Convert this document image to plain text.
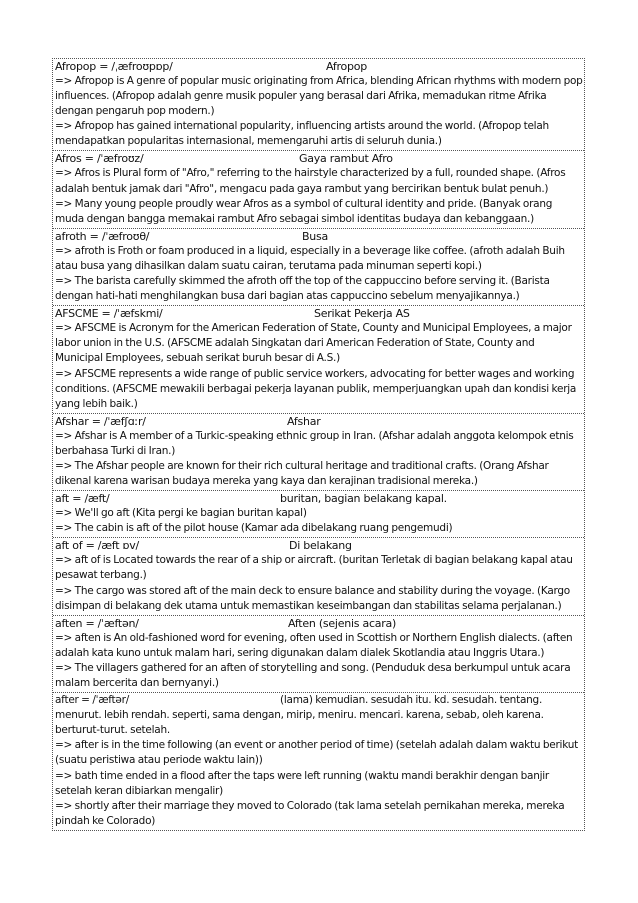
Afropop = /ˌæfroʊpɒp/	Afropop
=> Afropop is A genre of popular music originating from Africa, blending African rhythms with modern pop influences. (Afropop adalah genre musik populer yang berasal dari Afrika, memadukan ritme Afrika dengan pengaruh pop modern.)
=> Afropop has gained international popularity, influencing artists around the world. (Afropop telah mendapatkan popularitas internasional, memengaruhi artis di seluruh dunia.)
Afros = /ˈæfroʊz/	Gaya rambut Afro
=> Afros is Plural form of "Afro," referring to the hairstyle characterized by a full, rounded shape. (Afros adalah bentuk jamak dari "Afro", mengacu pada gaya rambut yang bercirikan bentuk bulat penuh.)
=> Many young people proudly wear Afros as a symbol of cultural identity and pride. (Banyak orang muda dengan bangga memakai rambut Afro sebagai simbol identitas budaya dan kebanggaan.)
afroth = /ˈæfroʊθ/	Busa
=> afroth is Froth or foam produced in a liquid, especially in a beverage like coffee. (afroth adalah Buih atau busa yang dihasilkan dalam suatu cairan, terutama pada minuman seperti kopi.)
=> The barista carefully skimmed the afroth off the top of the cappuccino before serving it. (Barista dengan hati-hati menghilangkan busa dari bagian atas cappuccino sebelum menyajikannya.)
AFSCME = /ˈæfskmi/	Serikat Pekerja AS
=> AFSCME is Acronym for the American Federation of State, County and Municipal Employees, a major labor union in the U.S. (AFSCME adalah Singkatan dari American Federation of State, County and Municipal Employees, sebuah serikat buruh besar di A.S.)
=> AFSCME represents a wide range of public service workers, advocating for better wages and working conditions. (AFSCME mewakili berbagai pekerja layanan publik, memperjuangkan upah dan kondisi kerja yang lebih baik.)
Afshar = /ˈæfʃɑːr/	Afshar
=> Afshar is A member of a Turkic-speaking ethnic group in Iran. (Afshar adalah anggota kelompok etnis berbahasa Turki di Iran.)
=> The Afshar people are known for their rich cultural heritage and traditional crafts. (Orang Afshar dikenal karena warisan budaya mereka yang kaya dan kerajinan tradisional mereka.)
aft = /æft/	buritan, bagian belakang kapal.
=> We'll go aft (Kita pergi ke bagian buritan kapal)
=> The cabin is aft of the pilot house (Kamar ada dibelakang ruang pengemudi)
aft of = /æft ɒv/	Di belakang
=> aft of is Located towards the rear of a ship or aircraft. (buritan Terletak di bagian belakang kapal atau pesawat terbang.)
=> The cargo was stored aft of the main deck to ensure balance and stability during the voyage. (Kargo disimpan di belakang dek utama untuk memastikan keseimbangan dan stabilitas selama perjalanan.)
aften = /ˈæftən/	Aften (sejenis acara)
=> aften is An old-fashioned word for evening, often used in Scottish or Northern English dialects. (aften adalah kata kuno untuk malam hari, sering digunakan dalam dialek Skotlandia atau Inggris Utara.)
=> The villagers gathered for an aften of storytelling and song. (Penduduk desa berkumpul untuk acara malam bercerita dan bernyanyi.)
after = /ˈæftər/	(lama) kemudian. sesudah itu. kd. sesudah. tentang. menurut. lebih rendah. seperti, sama dengan, mirip, meniru. mencari. karena, sebab, oleh karena. berturut-turut. setelah.
=> after is in the time following (an event or another period of time) (setelah adalah dalam waktu berikut (suatu peristiwa atau periode waktu lain))
=> bath time ended in a flood after the taps were left running (waktu mandi berakhir dengan banjir setelah keran dibiarkan mengalir)
=> shortly after their marriage they moved to Colorado (tak lama setelah pernikahan mereka, mereka pindah ke Colorado)
